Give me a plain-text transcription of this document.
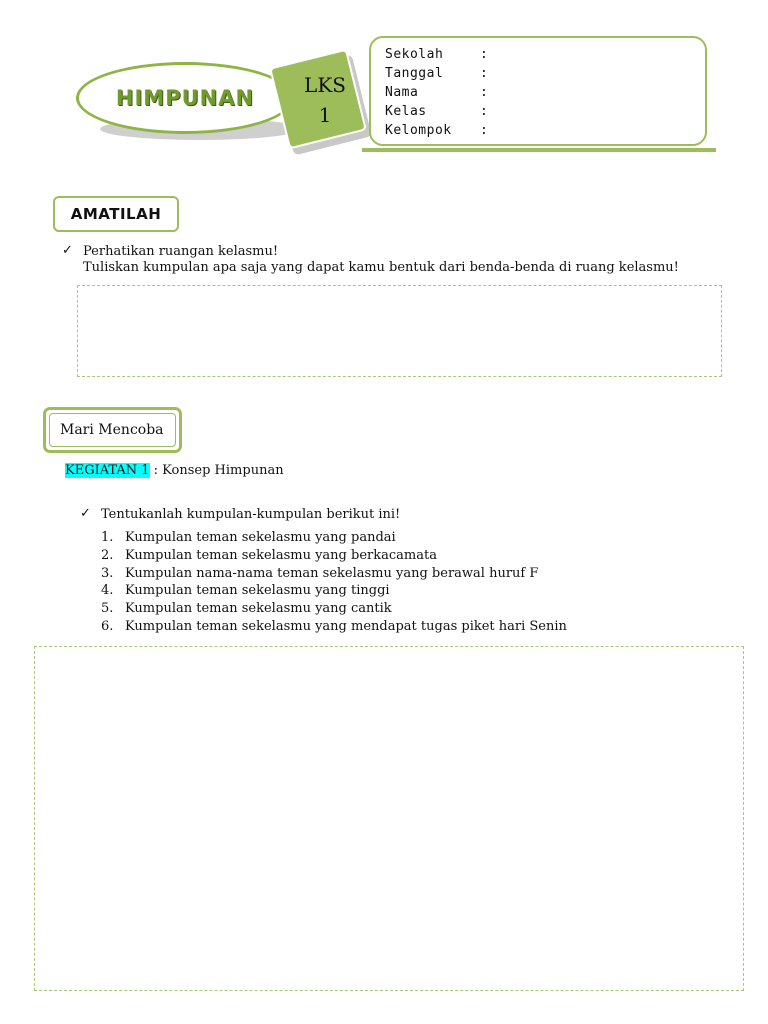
HIMPUNAN
LKS
1
Sekolah	:
Tanggal	:
Nama	:
Kelas	:
Kelompok :
AMATILAH
✓ Perhatikan ruangan kelasmu!
Tuliskan kumpulan apa saja yang dapat kamu bentuk dari benda-benda di ruang kelasmu!
Mari Mencoba
KEGIATAN 1 : Konsep Himpunan
✓ Tentukanlah kumpulan-kumpulan berikut ini!
1. Kumpulan teman sekelasmu yang pandai
2. Kumpulan teman sekelasmu yang berkacamata
3. Kumpulan nama-nama teman sekelasmu yang berawal huruf F
4. Kumpulan teman sekelasmu yang tinggi
5. Kumpulan teman sekelasmu yang cantik
6. Kumpulan teman sekelasmu yang mendapat tugas piket hari Senin
